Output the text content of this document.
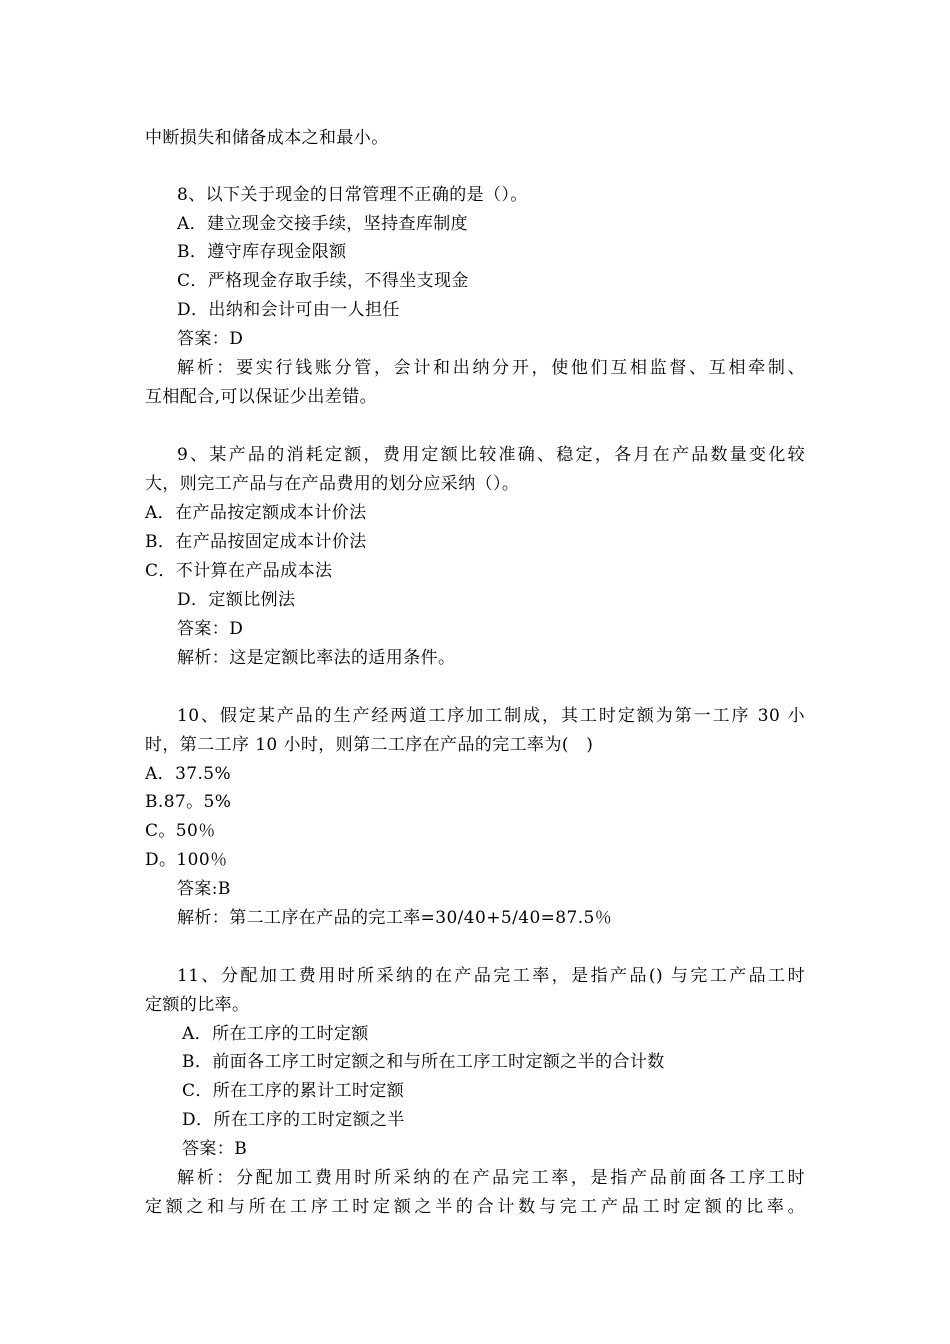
中断损失和储备成本之和最小。
8、以下关于现金的日常管理不正确的是（）。
A．建立现金交接手续，坚持查库制度
B．遵守库存现金限额
C．严格现金存取手续，不得坐支现金
D．出纳和会计可由一人担任
答案：D
解析：要实行钱账分管，会计和出纳分开，使他们互相监督、互相牵制、
互相配合,可以保证少出差错。
9、某产品的消耗定额，费用定额比较准确、稳定，各月在产品数量变化较
大，则完工产品与在产品费用的划分应采纳（）。
A．在产品按定额成本计价法
B．在产品按固定成本计价法
C．不计算在产品成本法
D．定额比例法
答案：D
解析：这是定额比率法的适用条件。
10、假定某产品的生产经两道工序加工制成，其工时定额为第一工序 30 小
时，第二工序 10 小时，则第二工序在产品的完工率为(　)
A．37.5%
B.87。5%
C。50％
D。100％
答案:B
解析：第二工序在产品的完工率=30/40+5/40=87.5％
11、分配加工费用时所采纳的在产品完工率，是指产品() 与完工产品工时
定额的比率。
A．所在工序的工时定额
B．前面各工序工时定额之和与所在工序工时定额之半的合计数
C．所在工序的累计工时定额
D．所在工序的工时定额之半
答案：B
解析：分配加工费用时所采纳的在产品完工率，是指产品前面各工序工时
定额之和与所在工序工时定额之半的合计数与完工产品工时定额的比率。
